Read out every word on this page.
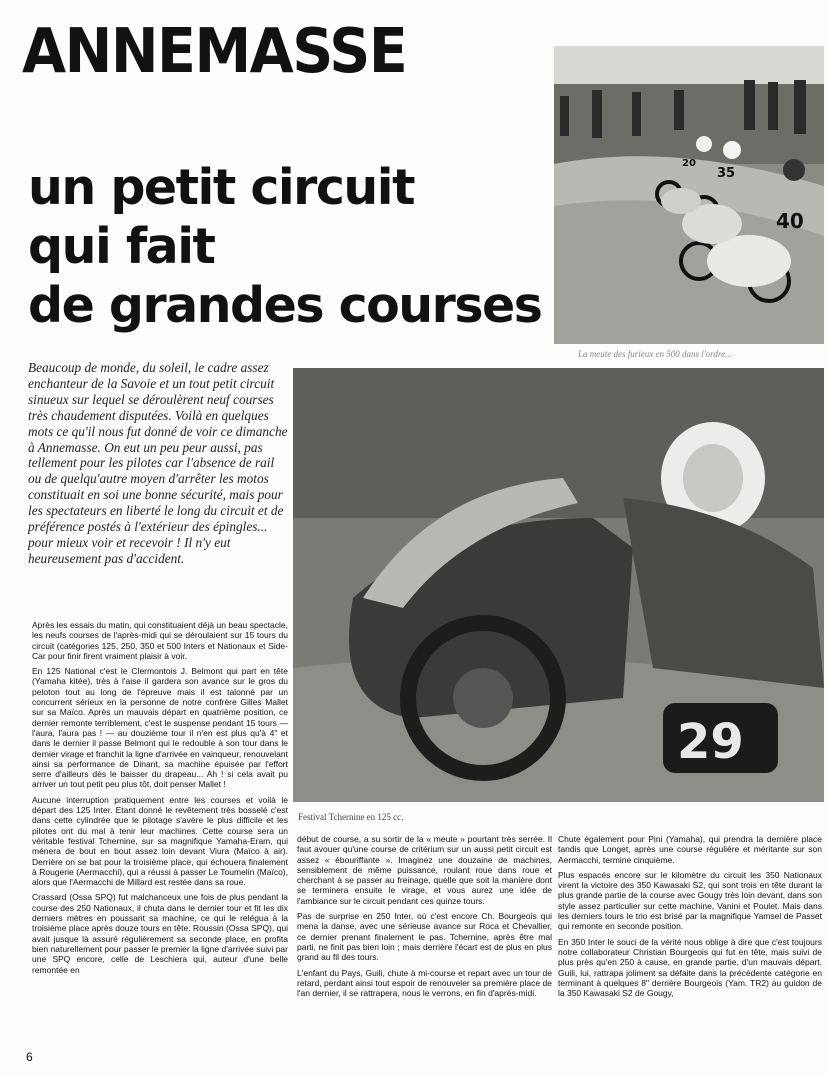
ANNEMASSE
un petit circuit
qui fait
de grandes courses
40
35
20
La meute des furieux en 500 dans l'ordre...

Beaucoup de monde, du soleil, le cadre assez enchanteur de la Savoie et un tout petit circuit sinueux sur lequel se déroulèrent neuf courses très chaudement disputées. Voilà en quelques mots ce qu'il nous fut donné de voir ce dimanche à Annemasse. On eut un peu peur aussi, pas tellement pour les pilotes car l'absence de rail ou de quelqu'autre moyen d'arrêter les motos constituait en soi une bonne sécurité, mais pour les spectateurs en liberté le long du circuit et de préférence postés à l'extérieur des épingles... pour mieux voir et recevoir ! Il n'y eut heureusement pas d'accident.

29
Festival Tchernine en 125 cc.

Après les essais du matin, qui constituaient déjà un beau spectacle, les neufs courses de l'après-midi qui se déroulaient sur 15 tours du circuit (catégories 125, 250, 350 et 500 Inters et Nationaux et Side-Car pour finir firent vraiment plaisir à voir.

En 125 National c'est le Clermontois J. Belmont qui part en tête (Yamaha kitée), très à l'aise il gardera son avance sur le gros du peloton tout au long de l'épreuve mais il est talonné par un concurrent sérieux en la personne de notre confrère Gilles Mallet sur sa Maïco. Après un mauvais départ en quatrième position, ce dernier remonte terriblement, c'est le suspense pendant 15 tours — l'aura, l'aura pas ! — au douzième tour il n'en est plus qu'à 4" et dans le dernier il passe Belmont qui le redouble à son tour dans le dernier virage et franchit la ligne d'arrivée en vainqueur, renouvelant ainsi sa performance de Dinant, sa machine épuisée par l'effort serre d'ailleurs dès le baisser du drapeau... Ah ! si cela avait pu arriver un tout petit peu plus tôt, doit penser Mallet !

Aucune interruption pratiquement entre les courses et voilà le départ des 125 Inter. Etant donné le revêtement très bosselé c'est dans cette cylindrée que le pilotage s'avère le plus difficile et les pilotes ont du mal à tenir leur machines. Cette course sera un véritable festival Tchernine, sur sa magnifique Yamaha-Eram, qui ménera de bout en bout assez loin devant Viura (Maïco à air). Derrière on se bat pour la troisième place, qui échouera finalement à Rougerie (Aermacchi), qui a réussi à passer Le Toumelin (Maïco), alors que l'Aermacchi de Millard est restée dans sa roue.

Crassard (Ossa SPQ) fut malchanceux une fois de plus pendant la course des 250 Nationaux, il chuta dans le dernier tour et fit les dix derniers mètres en poussant sa machine, ce qui le relégua à la troisième place après douze tours en tête. Roussin (Ossa SPQ), qui avait jusque là assuré régulièrement sa seconde place, en profita bien naturellement pour passer le premier la ligne d'arrivée suivi par une SPQ encore, celle de Leschiera qui, auteur d'une belle remontée en

début de course, a su sortir de la « meute » pourtant très serrée. Il faut avouer qu'une course de critérium sur un aussi petit circuit est assez « ébouriffante ». Imaginez une douzaine de machines, sensiblement de même puissance, roulant roue dans roue et cherchant à se passer au freinage, quelle que soit la manière dont se terminera ensuite le virage, et vous aurez une idée de l'ambiance sur le circuit pendant ces quinze tours.

Pas de surprise en 250 Inter, où c'est encore Ch. Bourgeois qui mena la danse, avec une sérieuse avance sur Roca et Chevallier, ce dernier prenant finalement le pas. Tchernine, après être mal parti, ne finit pas bien loin ; mais derrière l'écart est de plus en plus grand au fil des tours.

L'enfant du Pays, Guili, chute à mi-course et repart avec un tour de retard, perdant ainsi tout espoir de renouveler sa première place de l'an dernier, il se rattrapera, nous le verrons, en fin d'après-midi.

Chute également pour Pini (Yamaha), qui prendra la dernière place tandis que Longet, après une course régulière et méritante sur son Aermacchi, termine cinquième.

Plus espacés encore sur le kilomètre du circuit les 350 Nationaux virent la victoire des 350 Kawasaki S2, qui sont trois en tête durant la plus grande partie de la course avec Gougy très loin devant, dans son style assez particulier sur cette machine, Vanini et Poulet. Mais dans les derniers tours le trio est brisé par la magnifique Yamsel de Passet qui remonte en seconde position.

En 350 Inter le souci de la vérité nous oblige à dire que c'est toujours notre collaborateur Christian Bourgeois qui fut en tête, mais suivi de plus près qu'en 250 à cause, en grande partie, d'un mauvais départ. Guili, lui, rattrapa joliment sa défaite dans la précédente catégorie en terminant à quelques 8" derrière Bourgeois (Yam. TR2) au guidon de la 350 Kawasaki S2 de Gougy,

6
